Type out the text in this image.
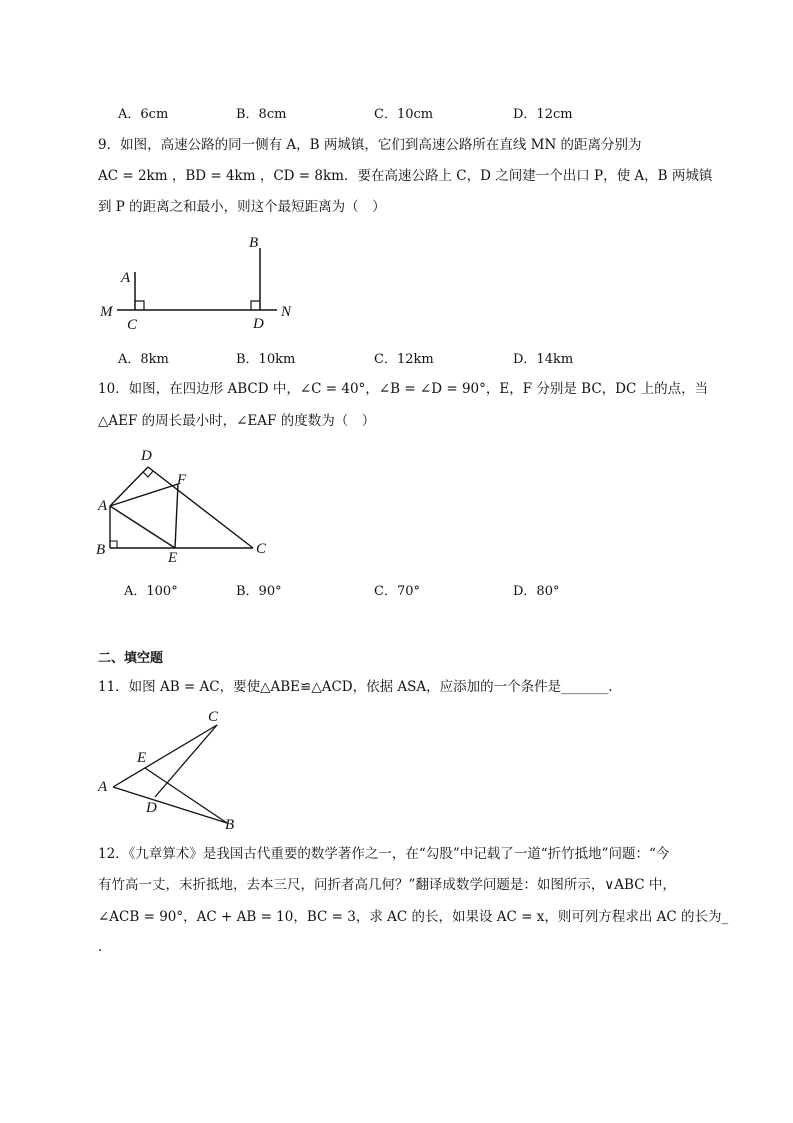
A．6cm	B．8cm	C．10cm	D．12cm
9．如图，高速公路的同一侧有 A，B 两城镇，它们到高速公路所在直线 MN 的距离分别为
AC = 2km ，BD = 4km ，CD = 8km．要在高速公路上 C，D 之间建一个出口 P，使 A，B 两城镇
到 P 的距离之和最小，则这个最短距离为（　）
A
B
C	D
M	N
A．8km	B．10km	C．12km	D．14km
10．如图，在四边形 ABCD 中，∠C = 40°，∠B = ∠D = 90°，E，F 分别是 BC，DC 上的点，当
△AEF 的周长最小时，∠EAF 的度数为（　）
D
F
A
B	E
C
A．100°	B．90°	C．70°	D．80°
二、填空题
11．如图 AB = AC，要使△ABE≌△ACD，依据 ASA，应添加的一个条件是_______．
C
E
A
D
B
12．《九章算术》是我国古代重要的数学著作之一，在“勾股”中记载了一道“折竹抵地”问题：“今
有竹高一丈，末折抵地，去本三尺，问折者高几何？”翻译成数学问题是：如图所示，∨ABC 中，
∠ACB = 90°，AC + AB = 10，BC = 3，求 AC 的长，如果设 AC = x，则可列方程求出 AC 的长为_
.
